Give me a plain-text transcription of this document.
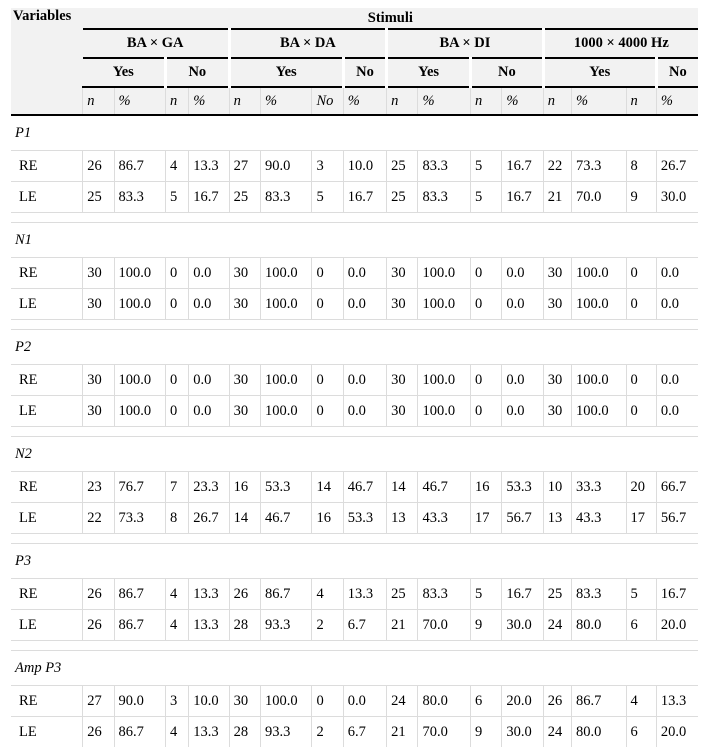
Variables	Stimuli															
	BA × GA				BA × DA				BA × DI				1000 × 4000 Hz			
	Yes		No		Yes			No	Yes		No		Yes			No
	n	%	n	%	n	%	No	%	n	%	n	%	n	%	n	%
P1																
RE	26	86.7	4	13.3	27	90.0	3	10.0	25	83.3	5	16.7	22	73.3	8	26.7
LE	25	83.3	5	16.7	25	83.3	5	16.7	25	83.3	5	16.7	21	70.0	9	30.0

N1																
RE	30	100.0	0	0.0	30	100.0	0	0.0	30	100.0	0	0.0	30	100.0	0	0.0
LE	30	100.0	0	0.0	30	100.0	0	0.0	30	100.0	0	0.0	30	100.0	0	0.0

P2																
RE	30	100.0	0	0.0	30	100.0	0	0.0	30	100.0	0	0.0	30	100.0	0	0.0
LE	30	100.0	0	0.0	30	100.0	0	0.0	30	100.0	0	0.0	30	100.0	0	0.0

N2																
RE	23	76.7	7	23.3	16	53.3	14	46.7	14	46.7	16	53.3	10	33.3	20	66.7
LE	22	73.3	8	26.7	14	46.7	16	53.3	13	43.3	17	56.7	13	43.3	17	56.7

P3																
RE	26	86.7	4	13.3	26	86.7	4	13.3	25	83.3	5	16.7	25	83.3	5	16.7
LE	26	86.7	4	13.3	28	93.3	2	6.7	21	70.0	9	30.0	24	80.0	6	20.0

Amp P3																
RE	27	90.0	3	10.0	30	100.0	0	0.0	24	80.0	6	20.0	26	86.7	4	13.3
LE	26	86.7	4	13.3	28	93.3	2	6.7	21	70.0	9	30.0	24	80.0	6	20.0
